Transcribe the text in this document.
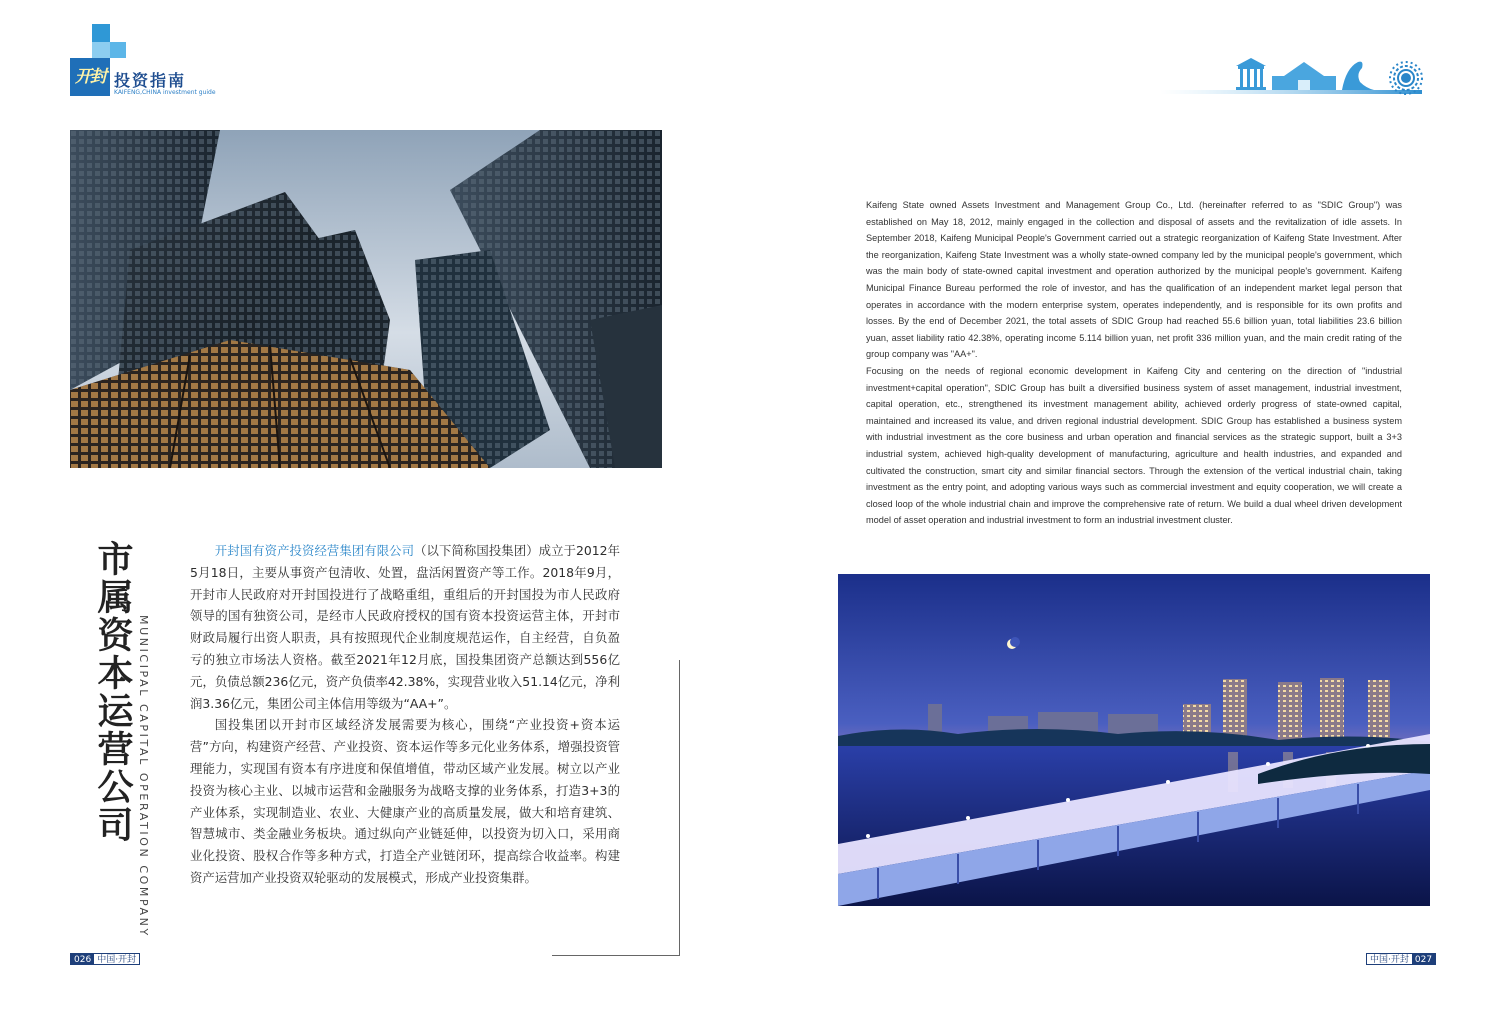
开封 投资指南
KAIFENG,CHINA investment guide
市属资本运营公司 MUNICIPAL CAPITAL OPERATION COMPANY

开封国有资产投资经营集团有限公司（以下简称国投集团）成立于2012年5月18日，主要从事资产包清收、处置，盘活闲置资产等工作。2018年9月，开封市人民政府对开封国投进行了战略重组，重组后的开封国投为市人民政府领导的国有独资公司，是经市人民政府授权的国有资本投资运营主体，开封市财政局履行出资人职责，具有按照现代企业制度规范运作，自主经营，自负盈亏的独立市场法人资格。截至2021年12月底，国投集团资产总额达到556亿元，负债总额236亿元，资产负债率42.38%，实现营业收入51.14亿元，净利润3.36亿元，集团公司主体信用等级为“AA+”。

国投集团以开封市区域经济发展需要为核心，围绕“产业投资+资本运营”方向，构建资产经营、产业投资、资本运作等多元化业务体系，增强投资管理能力，实现国有资本有序进度和保值增值，带动区域产业发展。树立以产业投资为核心主业、以城市运营和金融服务为战略支撑的业务体系，打造3+3的产业体系，实现制造业、农业、大健康产业的高质量发展，做大和培育建筑、智慧城市、类金融业务板块。通过纵向产业链延伸，以投资为切入口，采用商业化投资、股权合作等多种方式，打造全产业链闭环，提高综合收益率。构建资产运营加产业投资双轮驱动的发展模式，形成产业投资集群。

Kaifeng State owned Assets Investment and Management Group Co., Ltd. (hereinafter referred to as "SDIC Group") was established on May 18, 2012, mainly engaged in the collection and disposal of assets and the revitalization of idle assets. In September 2018, Kaifeng Municipal People's Government carried out a strategic reorganization of Kaifeng State Investment. After the reorganization, Kaifeng State Investment was a wholly state-owned company led by the municipal people's government, which was the main body of state-owned capital investment and operation authorized by the municipal people's government. Kaifeng Municipal Finance Bureau performed the role of investor, and has the qualification of an independent market legal person that operates in accordance with the modern enterprise system, operates independently, and is responsible for its own profits and losses. By the end of December 2021, the total assets of SDIC Group had reached 55.6 billion yuan, total liabilities 23.6 billion yuan, asset liability ratio 42.38%, operating income 5.114 billion yuan, net profit 336 million yuan, and the main credit rating of the group company was "AA+".

Focusing on the needs of regional economic development in Kaifeng City and centering on the direction of "industrial investment+capital operation", SDIC Group has built a diversified business system of asset management, industrial investment, capital operation, etc., strengthened its investment management ability, achieved orderly progress of state-owned capital, maintained and increased its value, and driven regional industrial development. SDIC Group has established a business system with industrial investment as the core business and urban operation and financial services as the strategic support, built a 3+3 industrial system, achieved high-quality development of manufacturing, agriculture and health industries, and expanded and cultivated the construction, smart city and similar financial sectors. Through the extension of the vertical industrial chain, taking investment as the entry point, and adopting various ways such as commercial investment and equity cooperation, we will create a closed loop of the whole industrial chain and improve the comprehensive rate of return. We build a dual wheel driven development model of asset operation and industrial investment to form an industrial investment cluster.

026 中国·开封	中国·开封 027
